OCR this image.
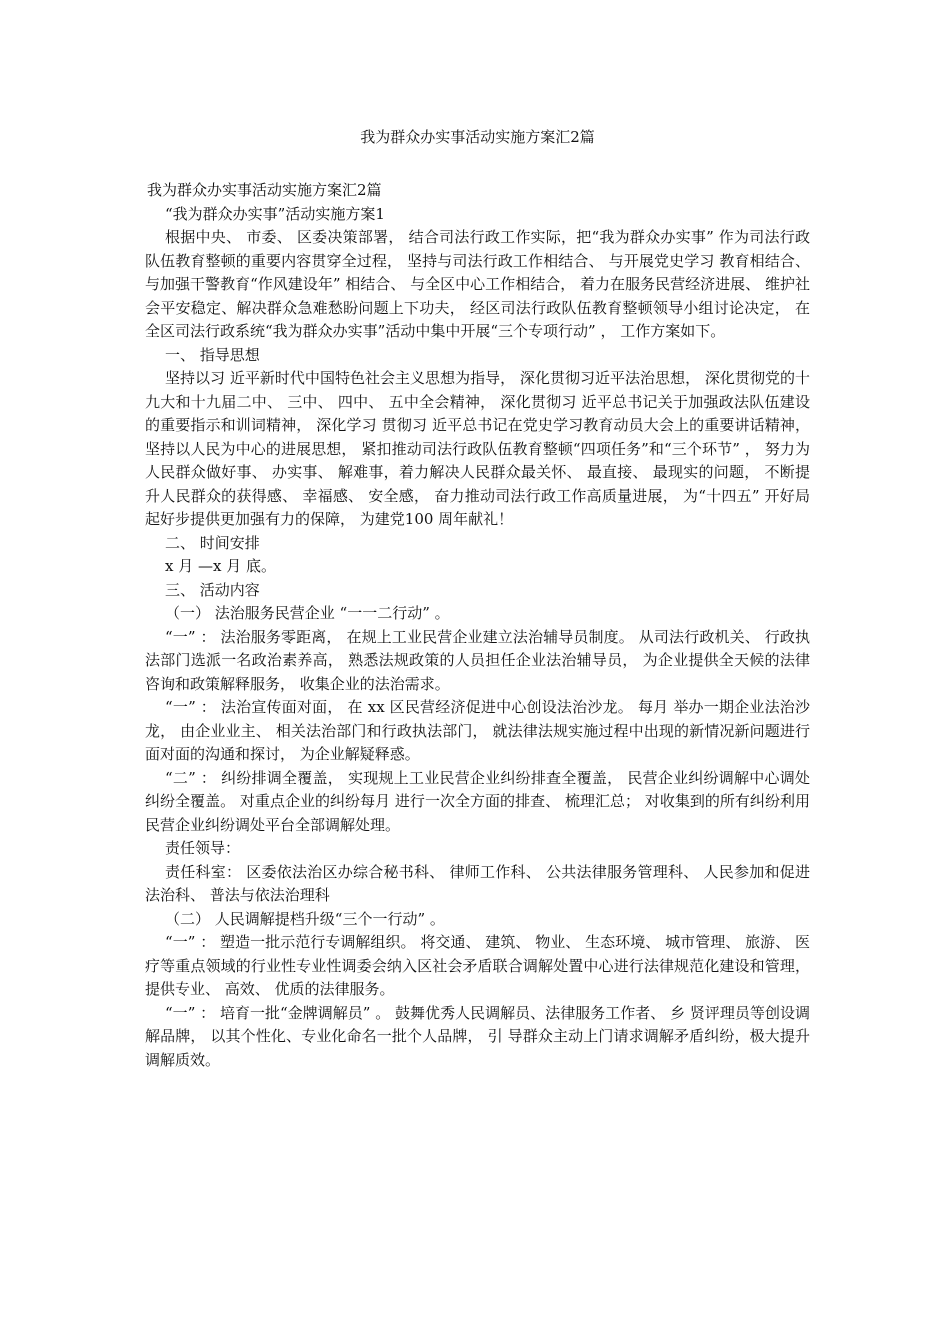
我为群众办实事活动实施方案汇2篇

我为群众办实事活动实施方案汇2篇

“我为群众办实事”活动实施方案1

根据中央、 市委、 区委决策部署， 结合司法行政工作实际，把“我为群众办实事” 作为司法行政队伍教育整顿的重要内容贯穿全过程， 坚持与司法行政工作相结合、 与开展党史学习 教育相结合、 与加强干警教育“作风建设年” 相结合、 与全区中心工作相结合， 着力在服务民营经济进展、 维护社会平安稳定、解决群众急难愁盼问题上下功夫， 经区司法行政队伍教育整顿领导小组讨论决定， 在全区司法行政系统“我为群众办实事”活动中集中开展“三个专项行动” ， 工作方案如下。

一、 指导思想

坚持以习 近平新时代中国特色社会主义思想为指导， 深化贯彻习近平法治思想， 深化贯彻党的十九大和十九届二中、 三中、 四中、 五中全会精神， 深化贯彻习 近平总书记关于加强政法队伍建设的重要指示和训词精神， 深化学习 贯彻习 近平总书记在党史学习教育动员大会上的重要讲话精神， 坚持以人民为中心的进展思想， 紧扣推动司法行政队伍教育整顿“四项任务”和“三个环节” ， 努力为人民群众做好事、 办实事、 解难事，着力解决人民群众最关怀、 最直接、 最现实的问题， 不断提升人民群众的获得感、 幸福感、 安全感， 奋力推动司法行政工作高质量进展， 为“十四五” 开好局起好步提供更加强有力的保障， 为建党100 周年献礼！

二、 时间安排

x 月 —x 月 底。

三、 活动内容

（一） 法治服务民营企业 “一一二行动” 。

“一” ： 法治服务零距离， 在规上工业民营企业建立法治辅导员制度。 从司法行政机关、 行政执法部门选派一名政治素养高， 熟悉法规政策的人员担任企业法治辅导员， 为企业提供全天候的法律咨询和政策解释服务， 收集企业的法治需求。

“一” ： 法治宣传面对面， 在 xx 区民营经济促进中心创设法治沙龙。 每月 举办一期企业法治沙龙， 由企业业主、 相关法治部门和行政执法部门， 就法律法规实施过程中出现的新情况新问题进行面对面的沟通和探讨， 为企业解疑释惑。

“二” ： 纠纷排调全覆盖， 实现规上工业民营企业纠纷排查全覆盖， 民营企业纠纷调解中心调处纠纷全覆盖。 对重点企业的纠纷每月 进行一次全方面的排查、 梳理汇总； 对收集到的所有纠纷利用民营企业纠纷调处平台全部调解处理。

责任领导：

责任科室： 区委依法治区办综合秘书科、 律师工作科、 公共法律服务管理科、 人民参加和促进法治科、 普法与依法治理科

（二） 人民调解提档升级“三个一行动” 。

“一” ： 塑造一批示范行专调解组织。 将交通、 建筑、 物业、 生态环境、 城市管理、 旅游、 医疗等重点领域的行业性专业性调委会纳入区社会矛盾联合调解处置中心进行法律规范化建设和管理， 提供专业、 高效、 优质的法律服务。

“一” ： 培育一批“金牌调解员” 。 鼓舞优秀人民调解员、法律服务工作者、 乡 贤评理员等创设调解品牌， 以其个性化、专业化命名一批个人品牌， 引 导群众主动上门请求调解矛盾纠纷，极大提升调解质效。
